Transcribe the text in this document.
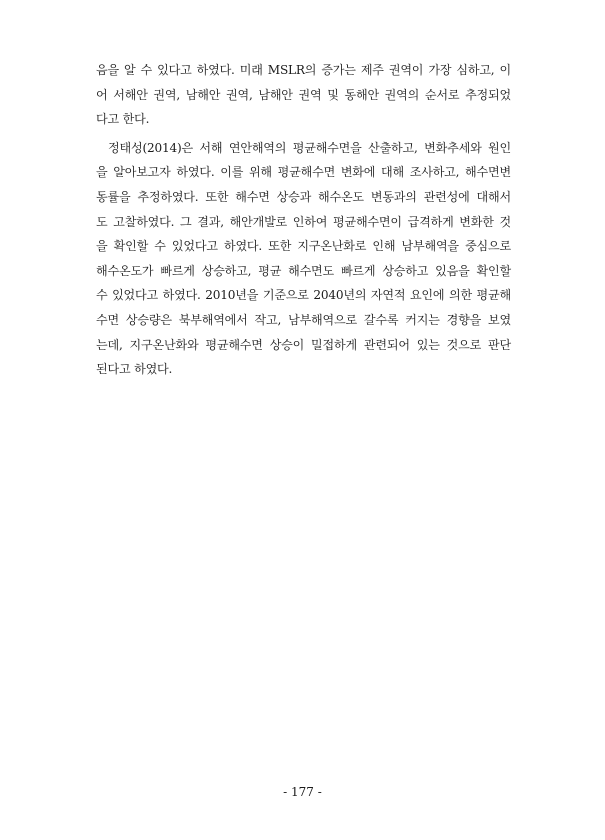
음을 알 수 있다고 하였다. 미래 MSLR의 증가는 제주 권역이 가장 심하고, 이
어 서해안 권역, 남해안 권역, 남해안 권역 및 동해안 권역의 순서로 추정되었
다고 한다.
정태성(2014)은 서해 연안해역의 평균해수면을 산출하고, 변화추세와 원인
을 알아보고자 하였다. 이를 위해 평균해수면 변화에 대해 조사하고, 해수면변
동률을 추정하였다. 또한 해수면 상승과 해수온도 변동과의 관련성에 대해서
도 고찰하였다. 그 결과, 해안개발로 인하여 평균해수면이 급격하게 변화한 것
을 확인할 수 있었다고 하였다. 또한 지구온난화로 인해 남부해역을 중심으로
해수온도가 빠르게 상승하고, 평균 해수면도 빠르게 상승하고 있음을 확인할
수 있었다고 하였다. 2010년을 기준으로 2040년의 자연적 요인에 의한 평균해
수면 상승량은 북부해역에서 작고, 남부해역으로 갈수록 커지는 경향을 보였
는데, 지구온난화와 평균해수면 상승이 밀접하게 관련되어 있는 것으로 판단
된다고 하였다.
- 177 -
